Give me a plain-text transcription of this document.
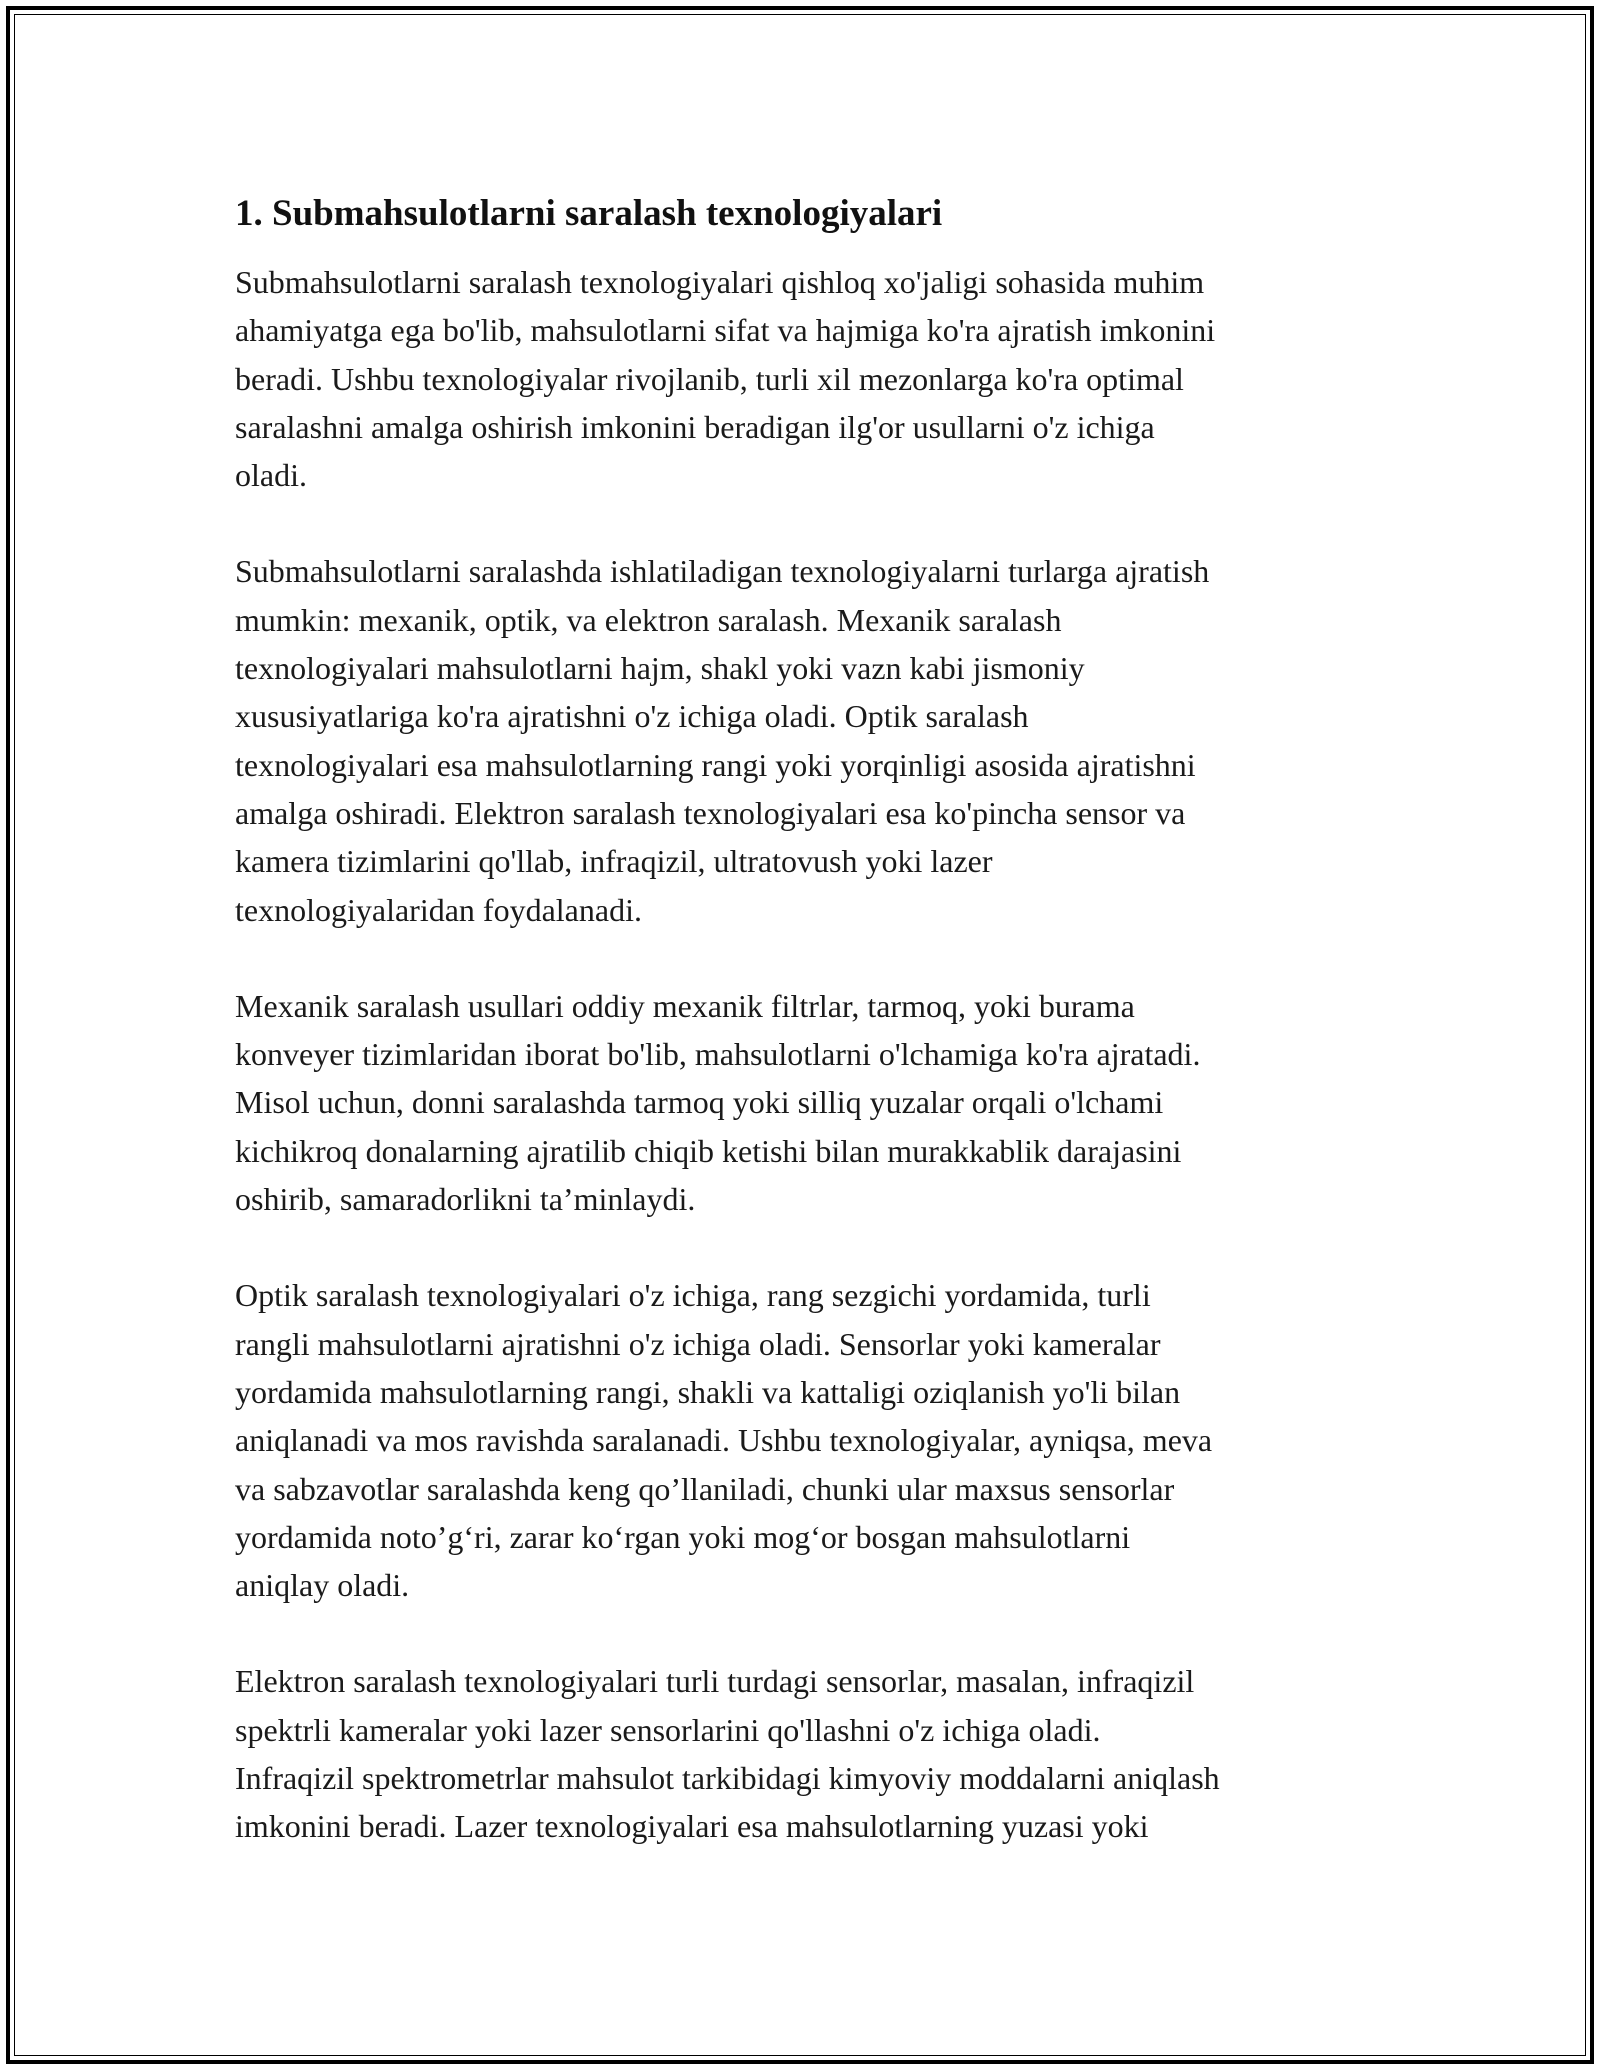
1. Submahsulotlarni saralash texnologiyalari

Submahsulotlarni saralash texnologiyalari qishloq xo'jaligi sohasida muhim
ahamiyatga ega bo'lib, mahsulotlarni sifat va hajmiga ko'ra ajratish imkonini
beradi. Ushbu texnologiyalar rivojlanib, turli xil mezonlarga ko'ra optimal
saralashni amalga oshirish imkonini beradigan ilg'or usullarni o'z ichiga
oladi.

Submahsulotlarni saralashda ishlatiladigan texnologiyalarni turlarga ajratish
mumkin: mexanik, optik, va elektron saralash. Mexanik saralash
texnologiyalari mahsulotlarni hajm, shakl yoki vazn kabi jismoniy
xususiyatlariga ko'ra ajratishni o'z ichiga oladi. Optik saralash
texnologiyalari esa mahsulotlarning rangi yoki yorqinligi asosida ajratishni
amalga oshiradi. Elektron saralash texnologiyalari esa ko'pincha sensor va
kamera tizimlarini qo'llab, infraqizil, ultratovush yoki lazer
texnologiyalaridan foydalanadi.

Mexanik saralash usullari oddiy mexanik filtrlar, tarmoq, yoki burama
konveyer tizimlaridan iborat bo'lib, mahsulotlarni o'lchamiga ko'ra ajratadi.
Misol uchun, donni saralashda tarmoq yoki silliq yuzalar orqali o'lchami
kichikroq donalarning ajratilib chiqib ketishi bilan murakkablik darajasini
oshirib, samaradorlikni ta’minlaydi.

Optik saralash texnologiyalari o'z ichiga, rang sezgichi yordamida, turli
rangli mahsulotlarni ajratishni o'z ichiga oladi. Sensorlar yoki kameralar
yordamida mahsulotlarning rangi, shakli va kattaligi oziqlanish yo'li bilan
aniqlanadi va mos ravishda saralanadi. Ushbu texnologiyalar, ayniqsa, meva
va sabzavotlar saralashda keng qo’llaniladi, chunki ular maxsus sensorlar
yordamida noto’g‘ri, zarar ko‘rgan yoki mog‘or bosgan mahsulotlarni
aniqlay oladi.

Elektron saralash texnologiyalari turli turdagi sensorlar, masalan, infraqizil
spektrli kameralar yoki lazer sensorlarini qo'llashni o'z ichiga oladi.
Infraqizil spektrometrlar mahsulot tarkibidagi kimyoviy moddalarni aniqlash
imkonini beradi. Lazer texnologiyalari esa mahsulotlarning yuzasi yoki
